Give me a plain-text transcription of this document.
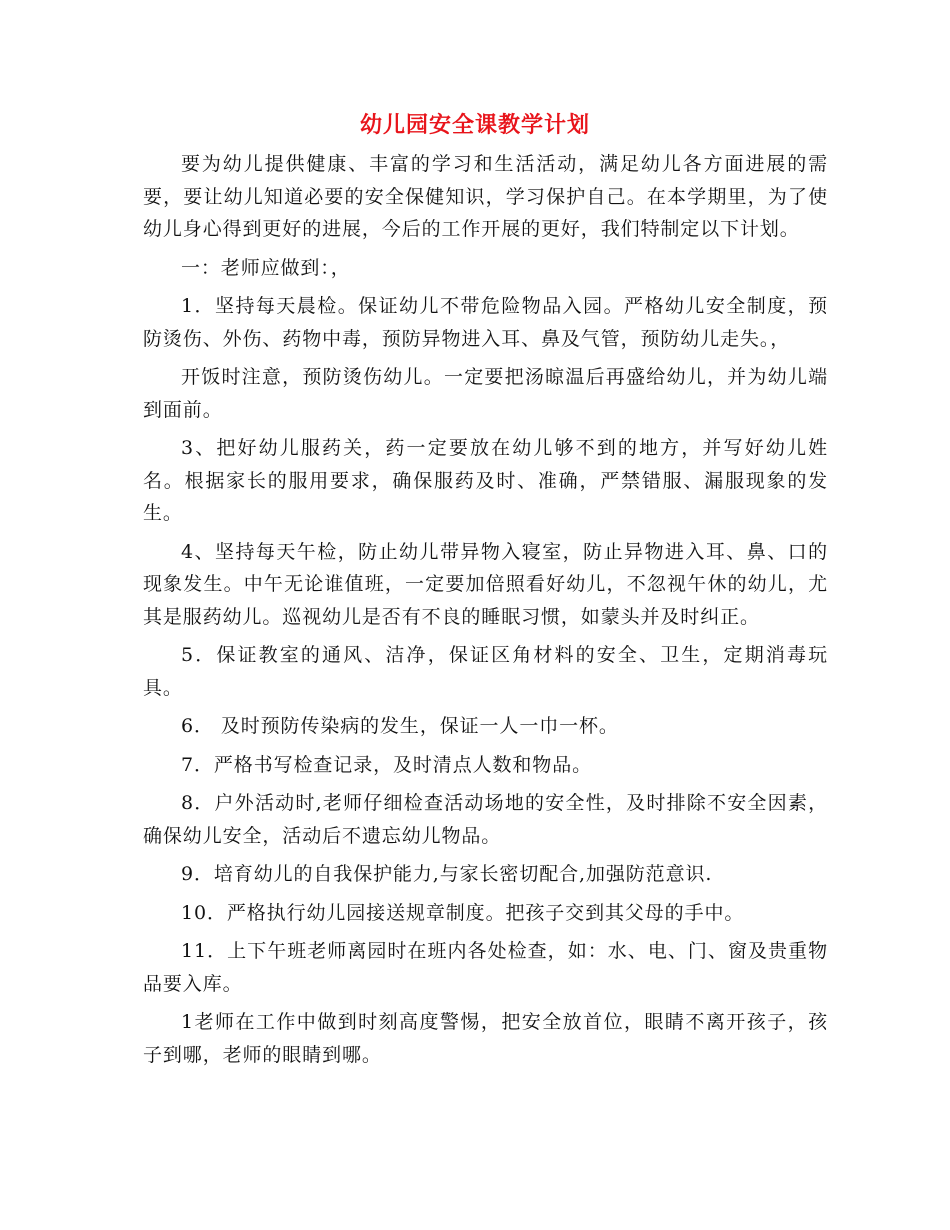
幼儿园安全课教学计划

要为幼儿提供健康、丰富的学习和生活活动，满足幼儿各方面进展的需要，要让幼儿知道必要的安全保健知识，学习保护自己。在本学期里，为了使幼儿身心得到更好的进展，今后的工作开展的更好，我们特制定以下计划。

一：老师应做到：，

1．坚持每天晨检。保证幼儿不带危险物品入园。严格幼儿安全制度，预防烫伤、外伤、药物中毒，预防异物进入耳、鼻及气管，预防幼儿走失。，

开饭时注意，预防烫伤幼儿。一定要把汤晾温后再盛给幼儿，并为幼儿端到面前。

3、把好幼儿服药关，药一定要放在幼儿够不到的地方，并写好幼儿姓名。根据家长的服用要求，确保服药及时、准确，严禁错服、漏服现象的发生。

4、坚持每天午检，防止幼儿带异物入寝室，防止异物进入耳、鼻、口的现象发生。中午无论谁值班，一定要加倍照看好幼儿，不忽视午休的幼儿，尤其是服药幼儿。巡视幼儿是否有不良的睡眠习惯，如蒙头并及时纠正。

5．保证教室的通风、洁净，保证区角材料的安全、卫生，定期消毒玩具。

6． 及时预防传染病的发生，保证一人一巾一杯。

7．严格书写检查记录，及时清点人数和物品。

8．户外活动时,老师仔细检查活动场地的安全性，及时排除不安全因素，确保幼儿安全，活动后不遗忘幼儿物品。

9．培育幼儿的自我保护能力,与家长密切配合,加强防范意识.

10．严格执行幼儿园接送规章制度。把孩子交到其父母的手中。

11．上下午班老师离园时在班内各处检查，如：水、电、门、窗及贵重物品要入库。

1老师在工作中做到时刻高度警惕，把安全放首位，眼睛不离开孩子，孩子到哪，老师的眼睛到哪。
